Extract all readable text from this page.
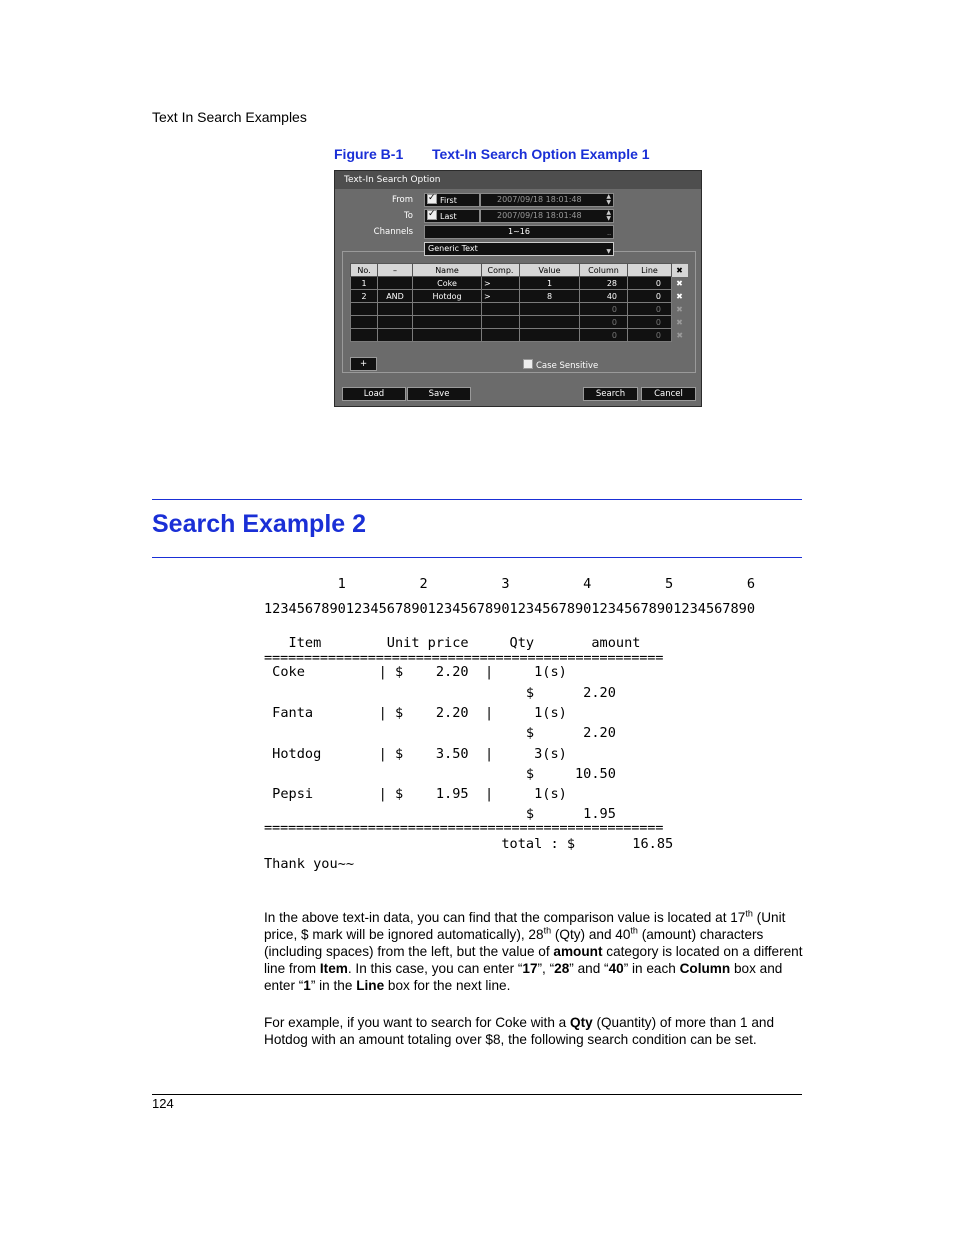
Text In Search Examples
Figure B-1 Text-In Search Option Example 1
Text-In Search Option
From ✓	First	2007/09/18 18:01:48	▲
▼
To ✓	Last	2007/09/18 18:01:48	▲
▼
Channels	1~16	..
Generic Text	▼
No.	–	Name	Comp.	Value	Column	Line	✖
1		Coke	>	1	28	0	✖
2	AND	Hotdog	>	8	40	0	✖
					0	0	✖
					0	0	✖
					0	0	✖
+	Case Sensitive
Load	Save	Search	Cancel
Search Example 2
1         2         3         4         5         6
123456789012345678901234567890123456789012345678901234567890
Item        Unit price     Qty       amount
==================================================
Coke         | $    2.20  |     1(s)
$      2.20
Fanta        | $    2.20  |     1(s)
$      2.20
Hotdog       | $    3.50  |     3(s)
$     10.50
Pepsi        | $    1.95  |     1(s)
$      1.95
==================================================
total : $       16.85
Thank you~~
In the above text-in data, you can find that the comparison value is located at 17th (Unit price, $ mark will be ignored automatically), 28th (Qty) and 40th (amount) characters (including spaces) from the left, but the value of amount category is located on a different line from Item. In this case, you can enter “17”, “28” and “40” in each Column box and enter “1” in the Line box for the next line.
For example, if you want to search for Coke with a Qty (Quantity) of more than 1 and Hotdog with an amount totaling over $8, the following search condition can be set.
124
